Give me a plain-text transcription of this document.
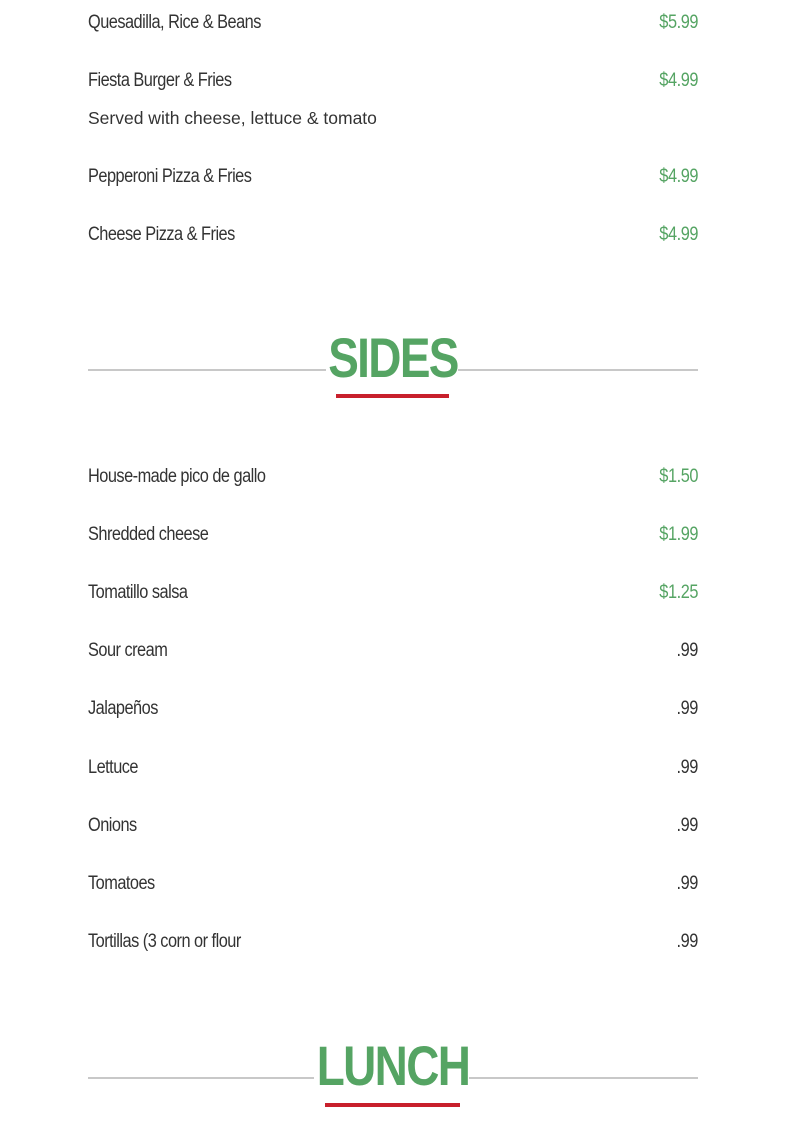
Quesadilla, Rice & Beans	$5.99
Fiesta Burger & Fries	$4.99
Served with cheese, lettuce & tomato
Pepperoni Pizza & Fries	$4.99
Cheese Pizza & Fries	$4.99
SIDES
House-made pico de gallo	$1.50
Shredded cheese	$1.99
Tomatillo salsa	$1.25
Sour cream	.99
Jalapeños	.99
Lettuce	.99
Onions	.99
Tomatoes	.99
Tortillas (3 corn or flour	.99
LUNCH
